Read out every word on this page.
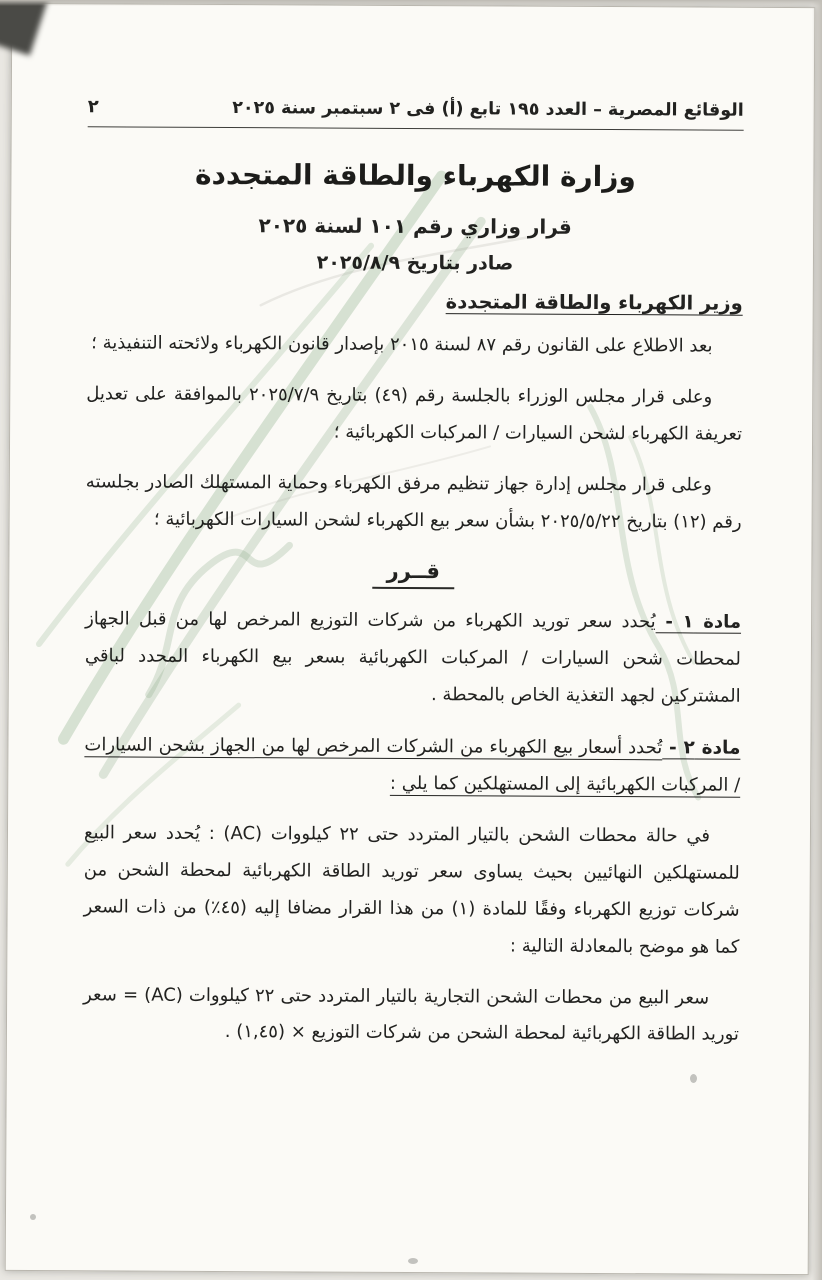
الوقائع المصرية – العدد ١٩٥ تابع (أ) فى ٢ سبتمبر سنة ٢٠٢٥
٢
وزارة الكهرباء والطاقة المتجددة
قرار وزاري رقم ١٠١ لسنة ٢٠٢٥
صادر بتاريخ ٢٠٢٥/٨/٩
وزير الكهرباء والطاقة المتجددة

بعد الاطلاع على القانون رقم ٨٧ لسنة ٢٠١٥ بإصدار قانون الكهرباء ولائحته التنفيذية ؛

وعلى قرار مجلس الوزراء بالجلسة رقم (٤٩) بتاريخ ٢٠٢٥/٧/٩ بالموافقة على تعديل تعريفة الكهرباء لشحن السيارات / المركبات الكهربائية ؛

وعلى قرار مجلس إدارة جهاز تنظيم مرفق الكهرباء وحماية المستهلك الصادر بجلسته رقم (١٢) بتاريخ ٢٠٢٥/٥/٢٢ بشأن سعر بيع الكهرباء لشحن السيارات الكهربائية ؛

قــرر

مادة ١ - يُحدد سعر توريد الكهرباء من شركات التوزيع المرخص لها من قبل الجهاز لمحطات شحن السيارات / المركبات الكهربائية بسعر بيع الكهرباء المحدد لباقي المشتركين لجهد التغذية الخاص بالمحطة .

مادة ٢ - تُحدد أسعار بيع الكهرباء من الشركات المرخص لها من الجهاز بشحن السيارات / المركبات الكهربائية إلى المستهلكين كما يلي :

في حالة محطات الشحن بالتيار المتردد حتى ٢٢ كيلووات (AC) : يُحدد سعر البيع للمستهلكين النهائيين بحيث يساوى سعر توريد الطاقة الكهربائية لمحطة الشحن من شركات توزيع الكهرباء وفقًا للمادة (١) من هذا القرار مضافا إليه (٤٥٪) من ذات السعر كما هو موضح بالمعادلة التالية :

سعر البيع من محطات الشحن التجارية بالتيار المتردد حتى ٢٢ كيلووات (AC) = سعر توريد الطاقة الكهربائية لمحطة الشحن من شركات التوزيع × (١,٤٥) .
